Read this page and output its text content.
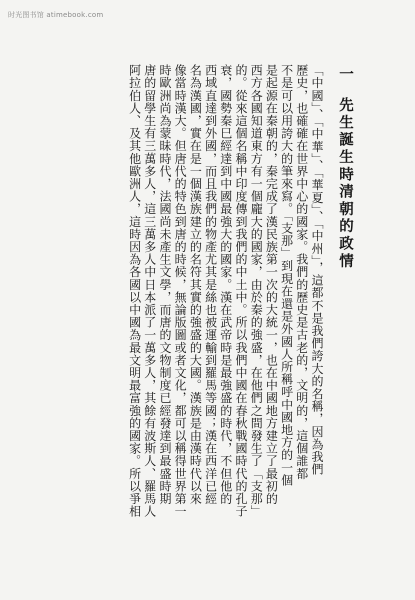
时光图书馆 atimebook.com
一先生誕生時清朝的政情
「中國」、「中華」、「華夏」、「中州」，這都不是我們誇大的名稱，因為我們
歷史，也確確在世界中心的國家。我們的歷史是古老的，文明的，這個誰都
不是可以用誇大的筆來寫。「支那」到現在還是外國人所稱呼中國地方的一個
是起源在秦朝的，秦完成了漢民族第一次的大統一，也在中國地方建立了最初的
西方各國知道東方有一個龐大的國家，由於秦的強盛，在他們之間發生了「支那」
的。從來這個名稱中印度傳到我們的中土中。所以我們中國在春秋戰國時代的孔子
衰，國勢秦巳經達到中國最強大的國家。漢在武帝時是最強盛的時代，不但他的
西域直達到外國，而且我們的物產尤其是絲也被運輸到羅馬等國；漢在西洋已經
名為漢國，實在是一個漢族建立的名符其實的強盛的大國。漢族是由漢時代以來
像當時漢大。但唐代的特色到唐的時候，無論版圖或者文化，都可以稱得世界第一
時歐洲尚為蒙昧時代，法國尚未產生文學，而唐的文物制度已經發達到最盛時期
唐的留學生有三萬多人，這三萬多人中日本派了一萬多人，其餘有波斯人、羅馬人
阿拉伯人、及其他歐洲人，這時因為各國以中國為最文明最富強的國家。所以爭相
